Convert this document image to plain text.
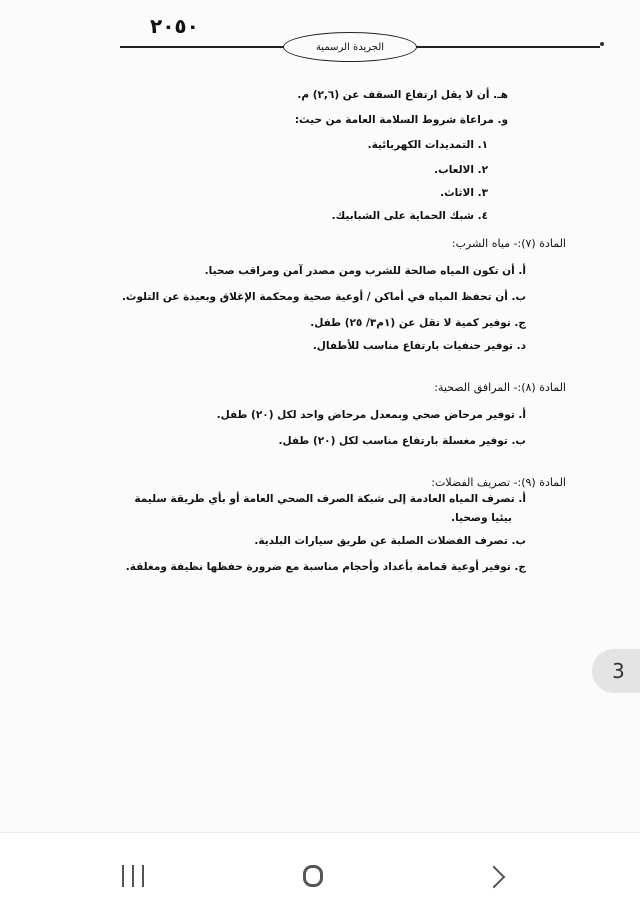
٢٠٥٠
الجريدة الرسمية
هـ. أن لا يقل ارتفاع السقف عن (٢,٦) م.
و. مراعاة شروط السلامة العامة من حيث:
١. التمديدات الكهربائية.
٢. الالعاب.
٣. الاثاث.
٤. شبك الحماية على الشبابيك.
المادة (٧):- مياه الشرب:
أ. أن تكون المياه صالحة للشرب ومن مصدر آمن ومراقب صحيا.
ب. أن تحفظ المياه في أماكن / أوعية صحية ومحكمة الإغلاق وبعيدة عن التلوث.
ج. توفير كمية لا تقل عن (١م٣/ ٢٥) طفل.
د. توفير حنفيات بارتفاع مناسب للأطفال.
المادة (٨):- المرافق الصحية:
أ. توفير مرحاض صحي وبمعدل مرحاض واحد لكل (٢٠) طفل.
ب. توفير مغسلة بارتفاع مناسب لكل (٢٠) طفل.
المادة (٩):- تصريف الفضلات:
أ. تصرف المياه العادمة إلى شبكة الصرف الصحي العامة أو بأي طريقة سليمة
بيئيا وصحيا.
ب. تصرف الفضلات الصلبة عن طريق سيارات البلدية.
ج. توفير أوعية قمامة بأعداد وأحجام مناسبة مع ضرورة حفظها نظيفة ومغلقة.
3
